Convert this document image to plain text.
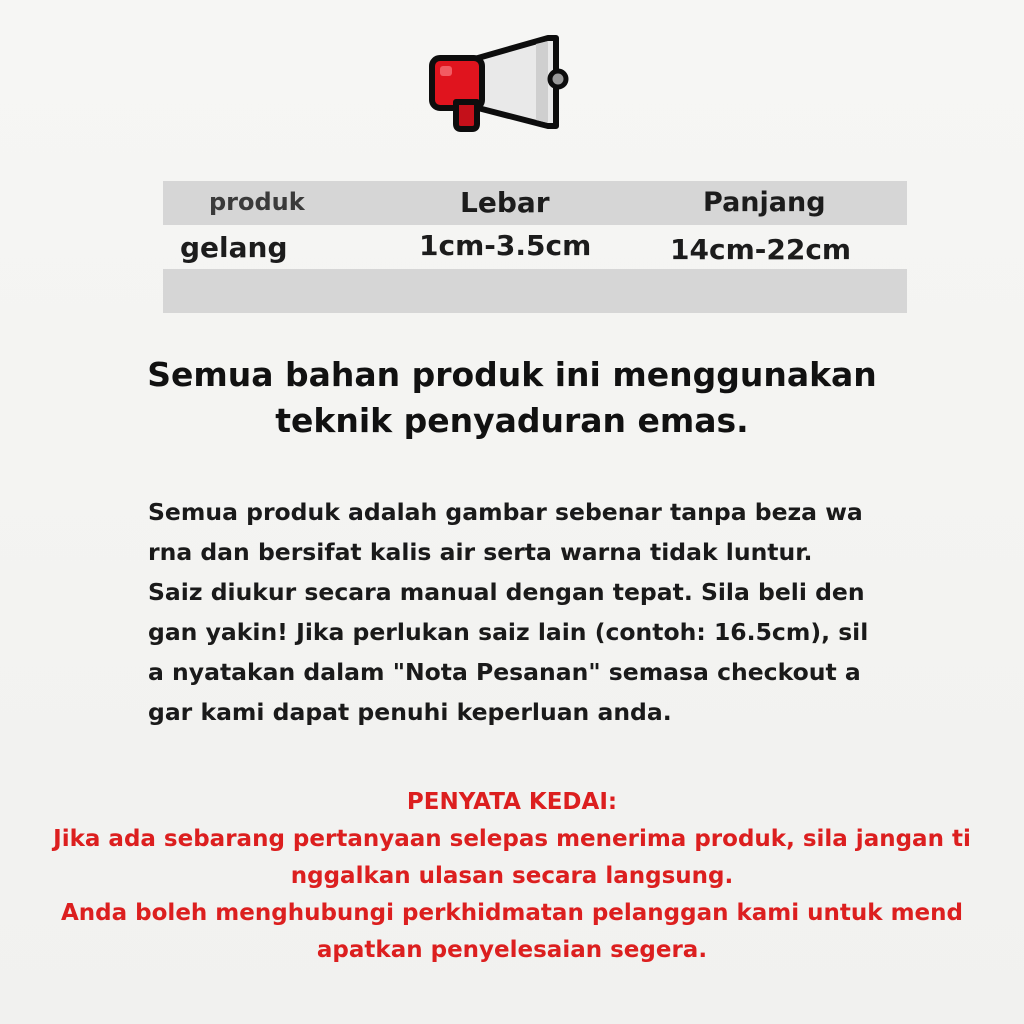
produk	Lebar	Panjang
gelang	1cm-3.5cm	14cm-22cm
Semua bahan produk ini menggunakan
teknik penyaduran emas.
Semua produk adalah gambar sebenar tanpa beza wa
rna dan bersifat kalis air serta warna tidak luntur.
Saiz diukur secara manual dengan tepat. Sila beli den
gan yakin! Jika perlukan saiz lain (contoh: 16.5cm), sil
a nyatakan dalam "Nota Pesanan" semasa checkout a
gar kami dapat penuhi keperluan anda.
PENYATA KEDAI:
Jika ada sebarang pertanyaan selepas menerima produk, sila jangan ti
nggalkan ulasan secara langsung.
Anda boleh menghubungi perkhidmatan pelanggan kami untuk mend
apatkan penyelesaian segera.
